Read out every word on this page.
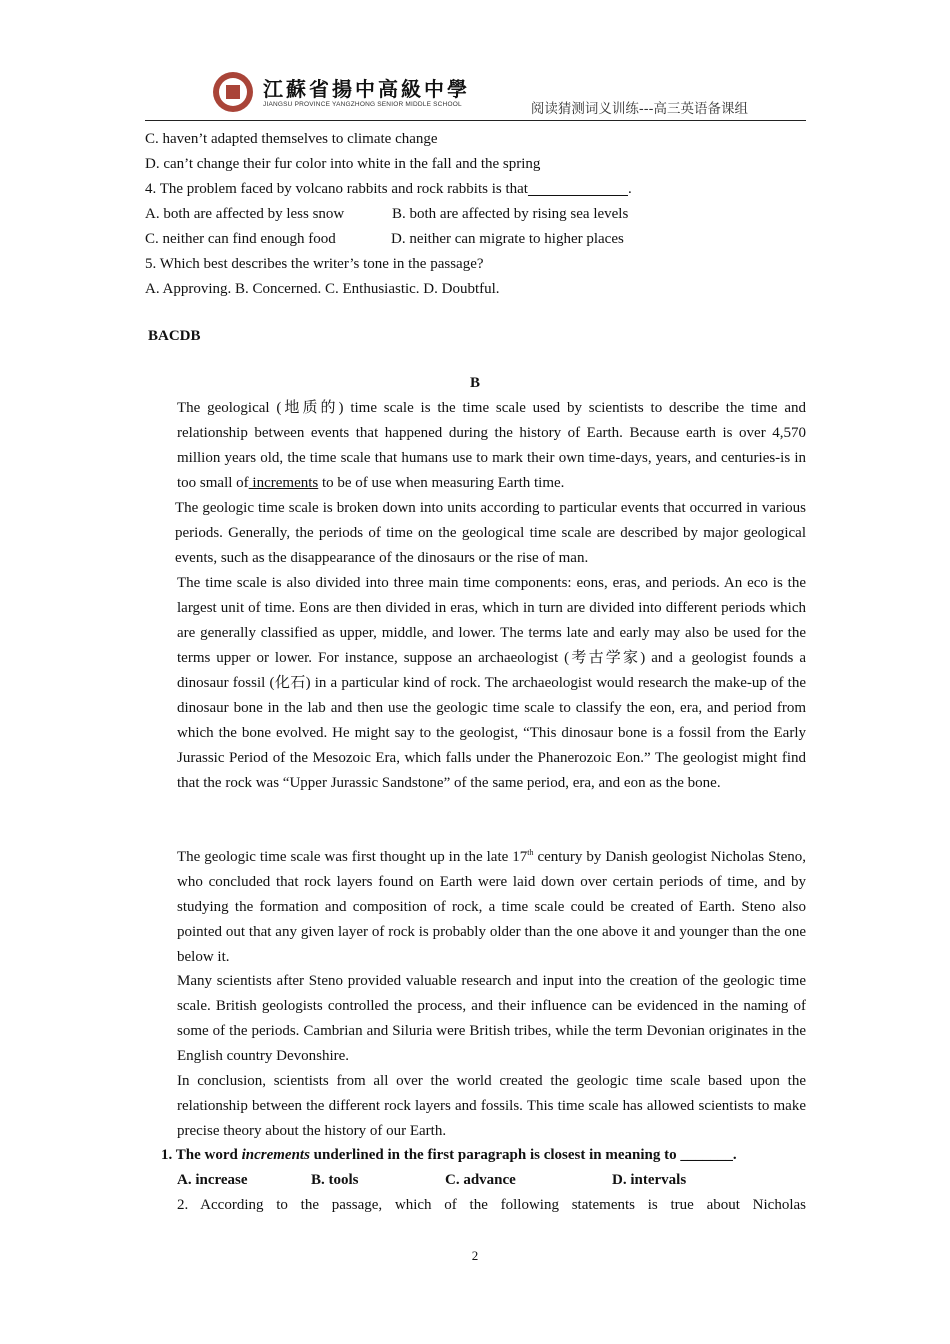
江蘇省揚中高級中學
JIANGSU PROVINCE YANGZHONG SENIOR MIDDLE SCHOOL	阅读猜测词义训练---高三英语备课组
C. haven’t adapted themselves to climate change
D. can’t change their fur color into white in the fall and the spring
4. The problem faced by volcano rabbits and rock rabbits is that	.
A. both are affected by less snow	B. both are affected by rising sea levels
C. neither can find enough food	D. neither can migrate to higher places
5. Which best describes the writer’s tone in the passage?
A. Approving. B. Concerned. C. Enthusiastic. D. Doubtful.
BACDB
B
The geological (地质的) time scale is the time scale used by scientists to describe the time and relationship between events that happened during the history of Earth. Because earth is over 4,570 million years old, the time scale that humans use to mark their own time-days, years, and centuries-is in too small of increments to be of use when measuring Earth time.
The geologic time scale is broken down into units according to particular events that occurred in various periods. Generally, the periods of time on the geological time scale are described by major geological events, such as the disappearance of the dinosaurs or the rise of man.
The time scale is also divided into three main time components: eons, eras, and periods. An eco is the largest unit of time. Eons are then divided in eras, which in turn are divided into different periods which are generally classified as upper, middle, and lower. The terms late and early may also be used for the terms upper or lower. For instance, suppose an archaeologist (考古学家) and a geologist founds a dinosaur fossil (化石) in a particular kind of rock. The archaeologist would research the make-up of the dinosaur bone in the lab and then use the geologic time scale to classify the eon, era, and period from which the bone evolved. He might say to the geologist, “This dinosaur bone is a fossil from the Early Jurassic Period of the Mesozoic Era, which falls under the Phanerozoic Eon.” The geologist might find that the rock was “Upper Jurassic Sandstone” of the same period, era, and eon as the bone.
The geologic time scale was first thought up in the late 17th century by Danish geologist Nicholas Steno, who concluded that rock layers found on Earth were laid down over certain periods of time, and by studying the formation and composition of rock, a time scale could be created of Earth. Steno also pointed out that any given layer of rock is probably older than the one above it and younger than the one below it.
Many scientists after Steno provided valuable research and input into the creation of the geologic time scale. British geologists controlled the process, and their influence can be evidenced in the naming of some of the periods. Cambrian and Siluria were British tribes, while the term Devonian originates in the English country Devonshire.
In conclusion, scientists from all over the world created the geologic time scale based upon the relationship between the different rock layers and fossils. This time scale has allowed scientists to make precise theory about the history of our Earth.
1. The word increments underlined in the first paragraph is closest in meaning to _______.
A. increase	B. tools	C. advance	D. intervals
2. According to the passage, which of the following statements is true about Nicholas
2
